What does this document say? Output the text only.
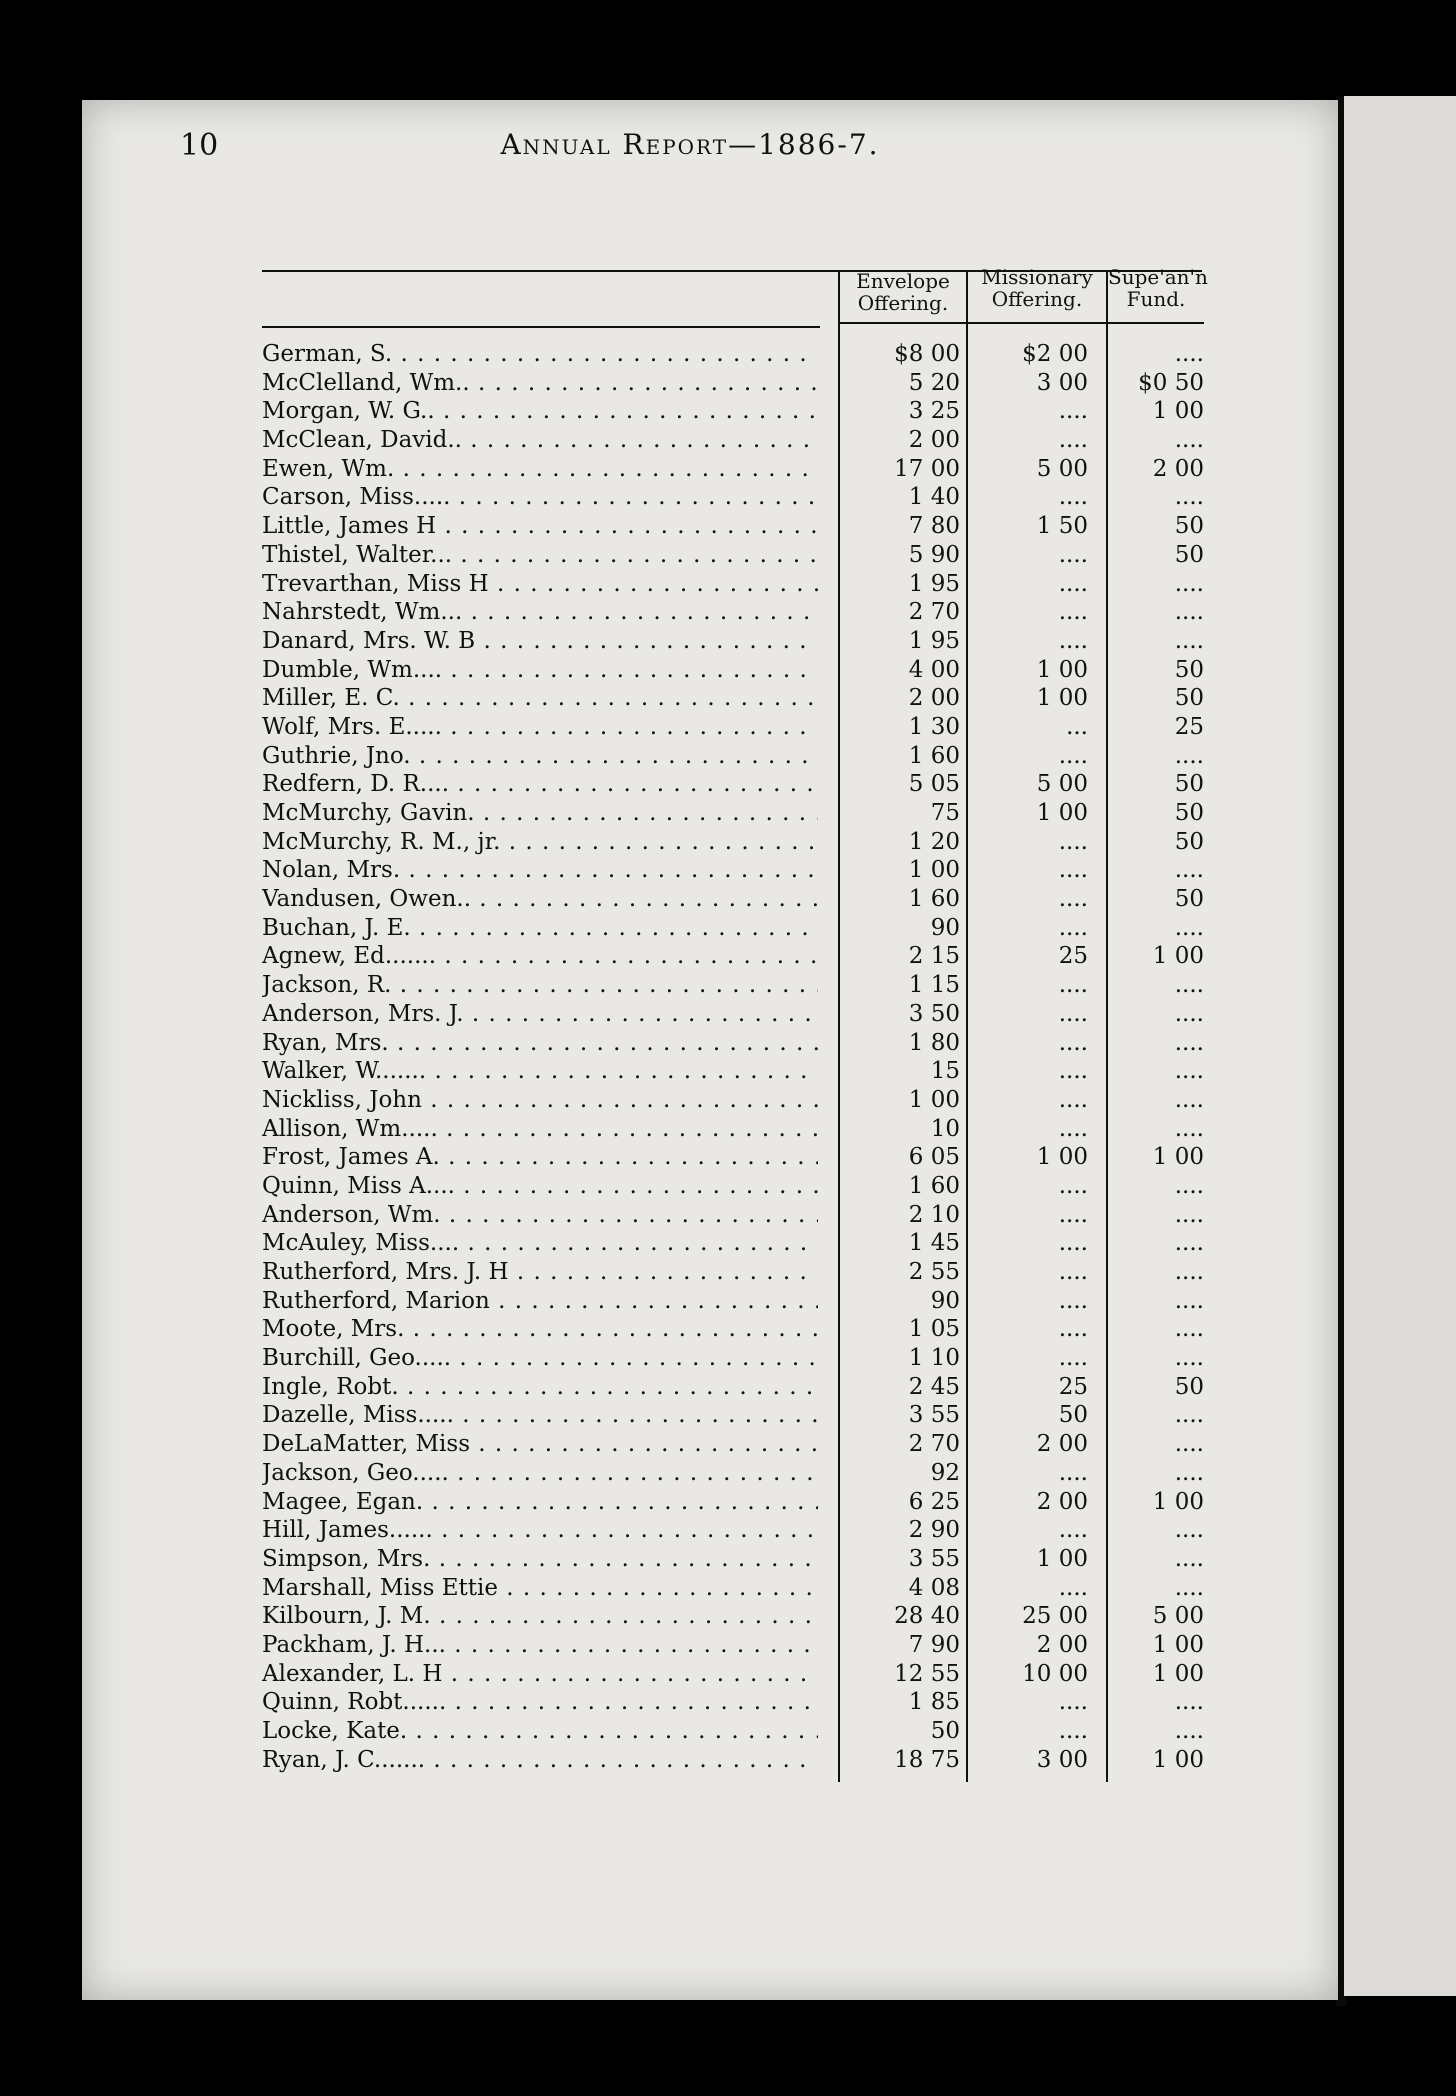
10	Annual Report—1886-7.
Envelope
Offering.
Missionary
Offering.
Supe'an'n
Fund.
German, S. . . .	$8 00	$2 00	....
McClelland, Wm.. . . .	5 20	3 00	$0 50
Morgan, W. G.. . . .	3 25	....	1 00
McClean, David.. . . .	2 00	....	....
Ewen, Wm. . . .	17 00	5 00	2 00
Carson, Miss..... . . .	1 40	....	....
Little, James H . . .	7 80	1 50	50
Thistel, Walter... . . .	5 90	....	50
Trevarthan, Miss H . . .	1 95	....	....
Nahrstedt, Wm... . . .	2 70	....	....
Danard, Mrs. W. B . . .	1 95	....	....
Dumble, Wm.... . . .	4 00	1 00	50
Miller, E. C. . . .	2 00	1 00	50
Wolf, Mrs. E..... . . .	1 30	...	25
Guthrie, Jno. . . .	1 60	....	....
Redfern, D. R.... . . .	5 05	5 00	50
McMurchy, Gavin. . . .	75	1 00	50
McMurchy, R. M., jr. . . .	1 20	....	50
Nolan, Mrs. . . .	1 00	....	....
Vandusen, Owen.. . . .	1 60	....	50
Buchan, J. E. . . .	90	....	....
Agnew, Ed....... . . .	2 15	25	1 00
Jackson, R. . . .	1 15	....	....
Anderson, Mrs. J. . . .	3 50	....	....
Ryan, Mrs. . . .	1 80	....	....
Walker, W....... . . .	15	....	....
Nickliss, John . . .	1 00	....	....
Allison, Wm..... . . .	10	....	....
Frost, James A. . . .	6 05	1 00	1 00
Quinn, Miss A.... . . .	1 60	....	....
Anderson, Wm. . . .	2 10	....	....
McAuley, Miss.... . . .	1 45	....	....
Rutherford, Mrs. J. H . . .	2 55	....	....
Rutherford, Marion . . .	90	....	....
Moote, Mrs. . . .	1 05	....	....
Burchill, Geo..... . . .	1 10	....	....
Ingle, Robt. . . .	2 45	25	50
Dazelle, Miss..... . . .	3 55	50	....
DeLaMatter, Miss . . .	2 70	2 00	....
Jackson, Geo..... . . .	92	....	....
Magee, Egan. . . .	6 25	2 00	1 00
Hill, James...... . . .	2 90	....	....
Simpson, Mrs. . . .	3 55	1 00	....
Marshall, Miss Ettie . . .	4 08	....	....
Kilbourn, J. M. . . .	28 40	25 00	5 00
Packham, J. H... . . .	7 90	2 00	1 00
Alexander, L. H . . .	12 55	10 00	1 00
Quinn, Robt...... . . .	1 85	....	....
Locke, Kate. . . .	50	....	....
Ryan, J. C....... . . .	18 75	3 00	1 00
